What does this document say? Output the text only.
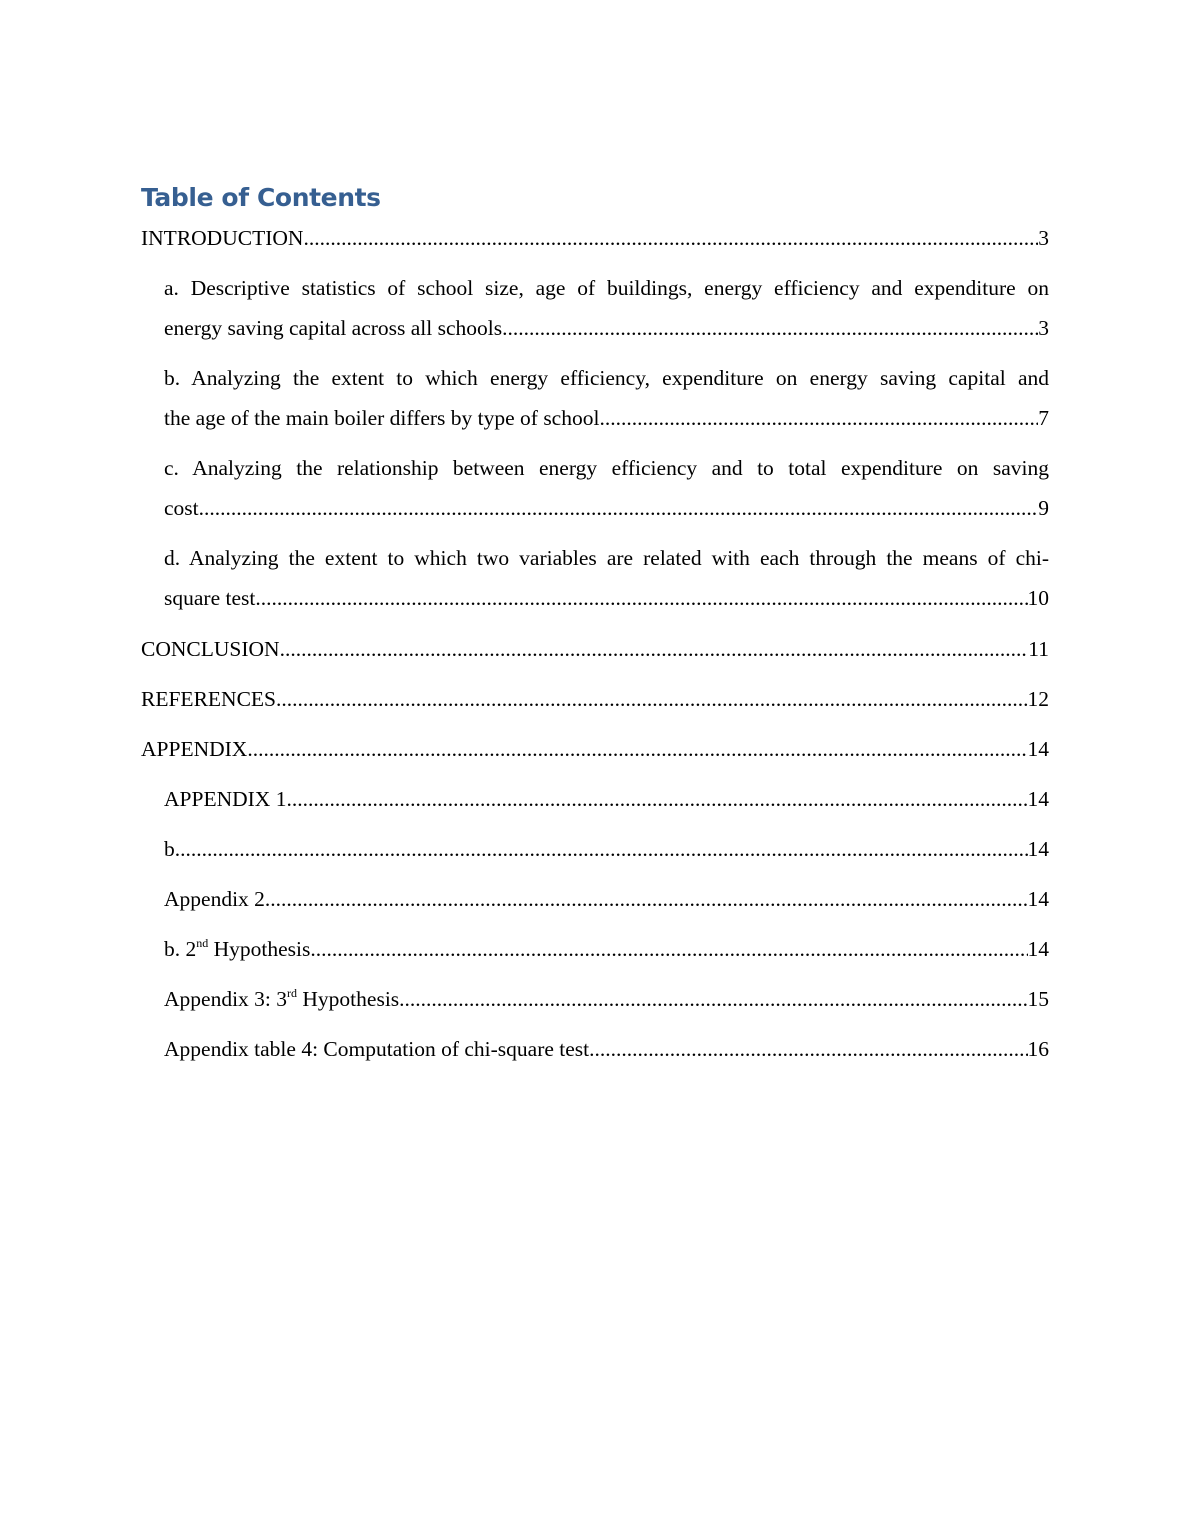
Table of Contents
INTRODUCTION .....	3
a. Descriptive statistics of school size, age of buildings, energy efficiency and expenditure on
energy saving capital across all schools .....	3
b. Analyzing the extent to which energy efficiency, expenditure on energy saving capital and
the age of the main boiler differs by type of school .....	7
c. Analyzing the relationship between energy efficiency and to total expenditure on saving
cost .....	9
d. Analyzing the extent to which two variables are related with each through the means of chi-
square test .....	10
CONCLUSION .....	11
REFERENCES .....	12
APPENDIX .....	14
APPENDIX 1 .....	14
b .....	14
Appendix 2 .....	14
b. 2nd Hypothesis .....	14
Appendix 3: 3rd Hypothesis .....	15
Appendix table 4: Computation of chi-square test .....	16
